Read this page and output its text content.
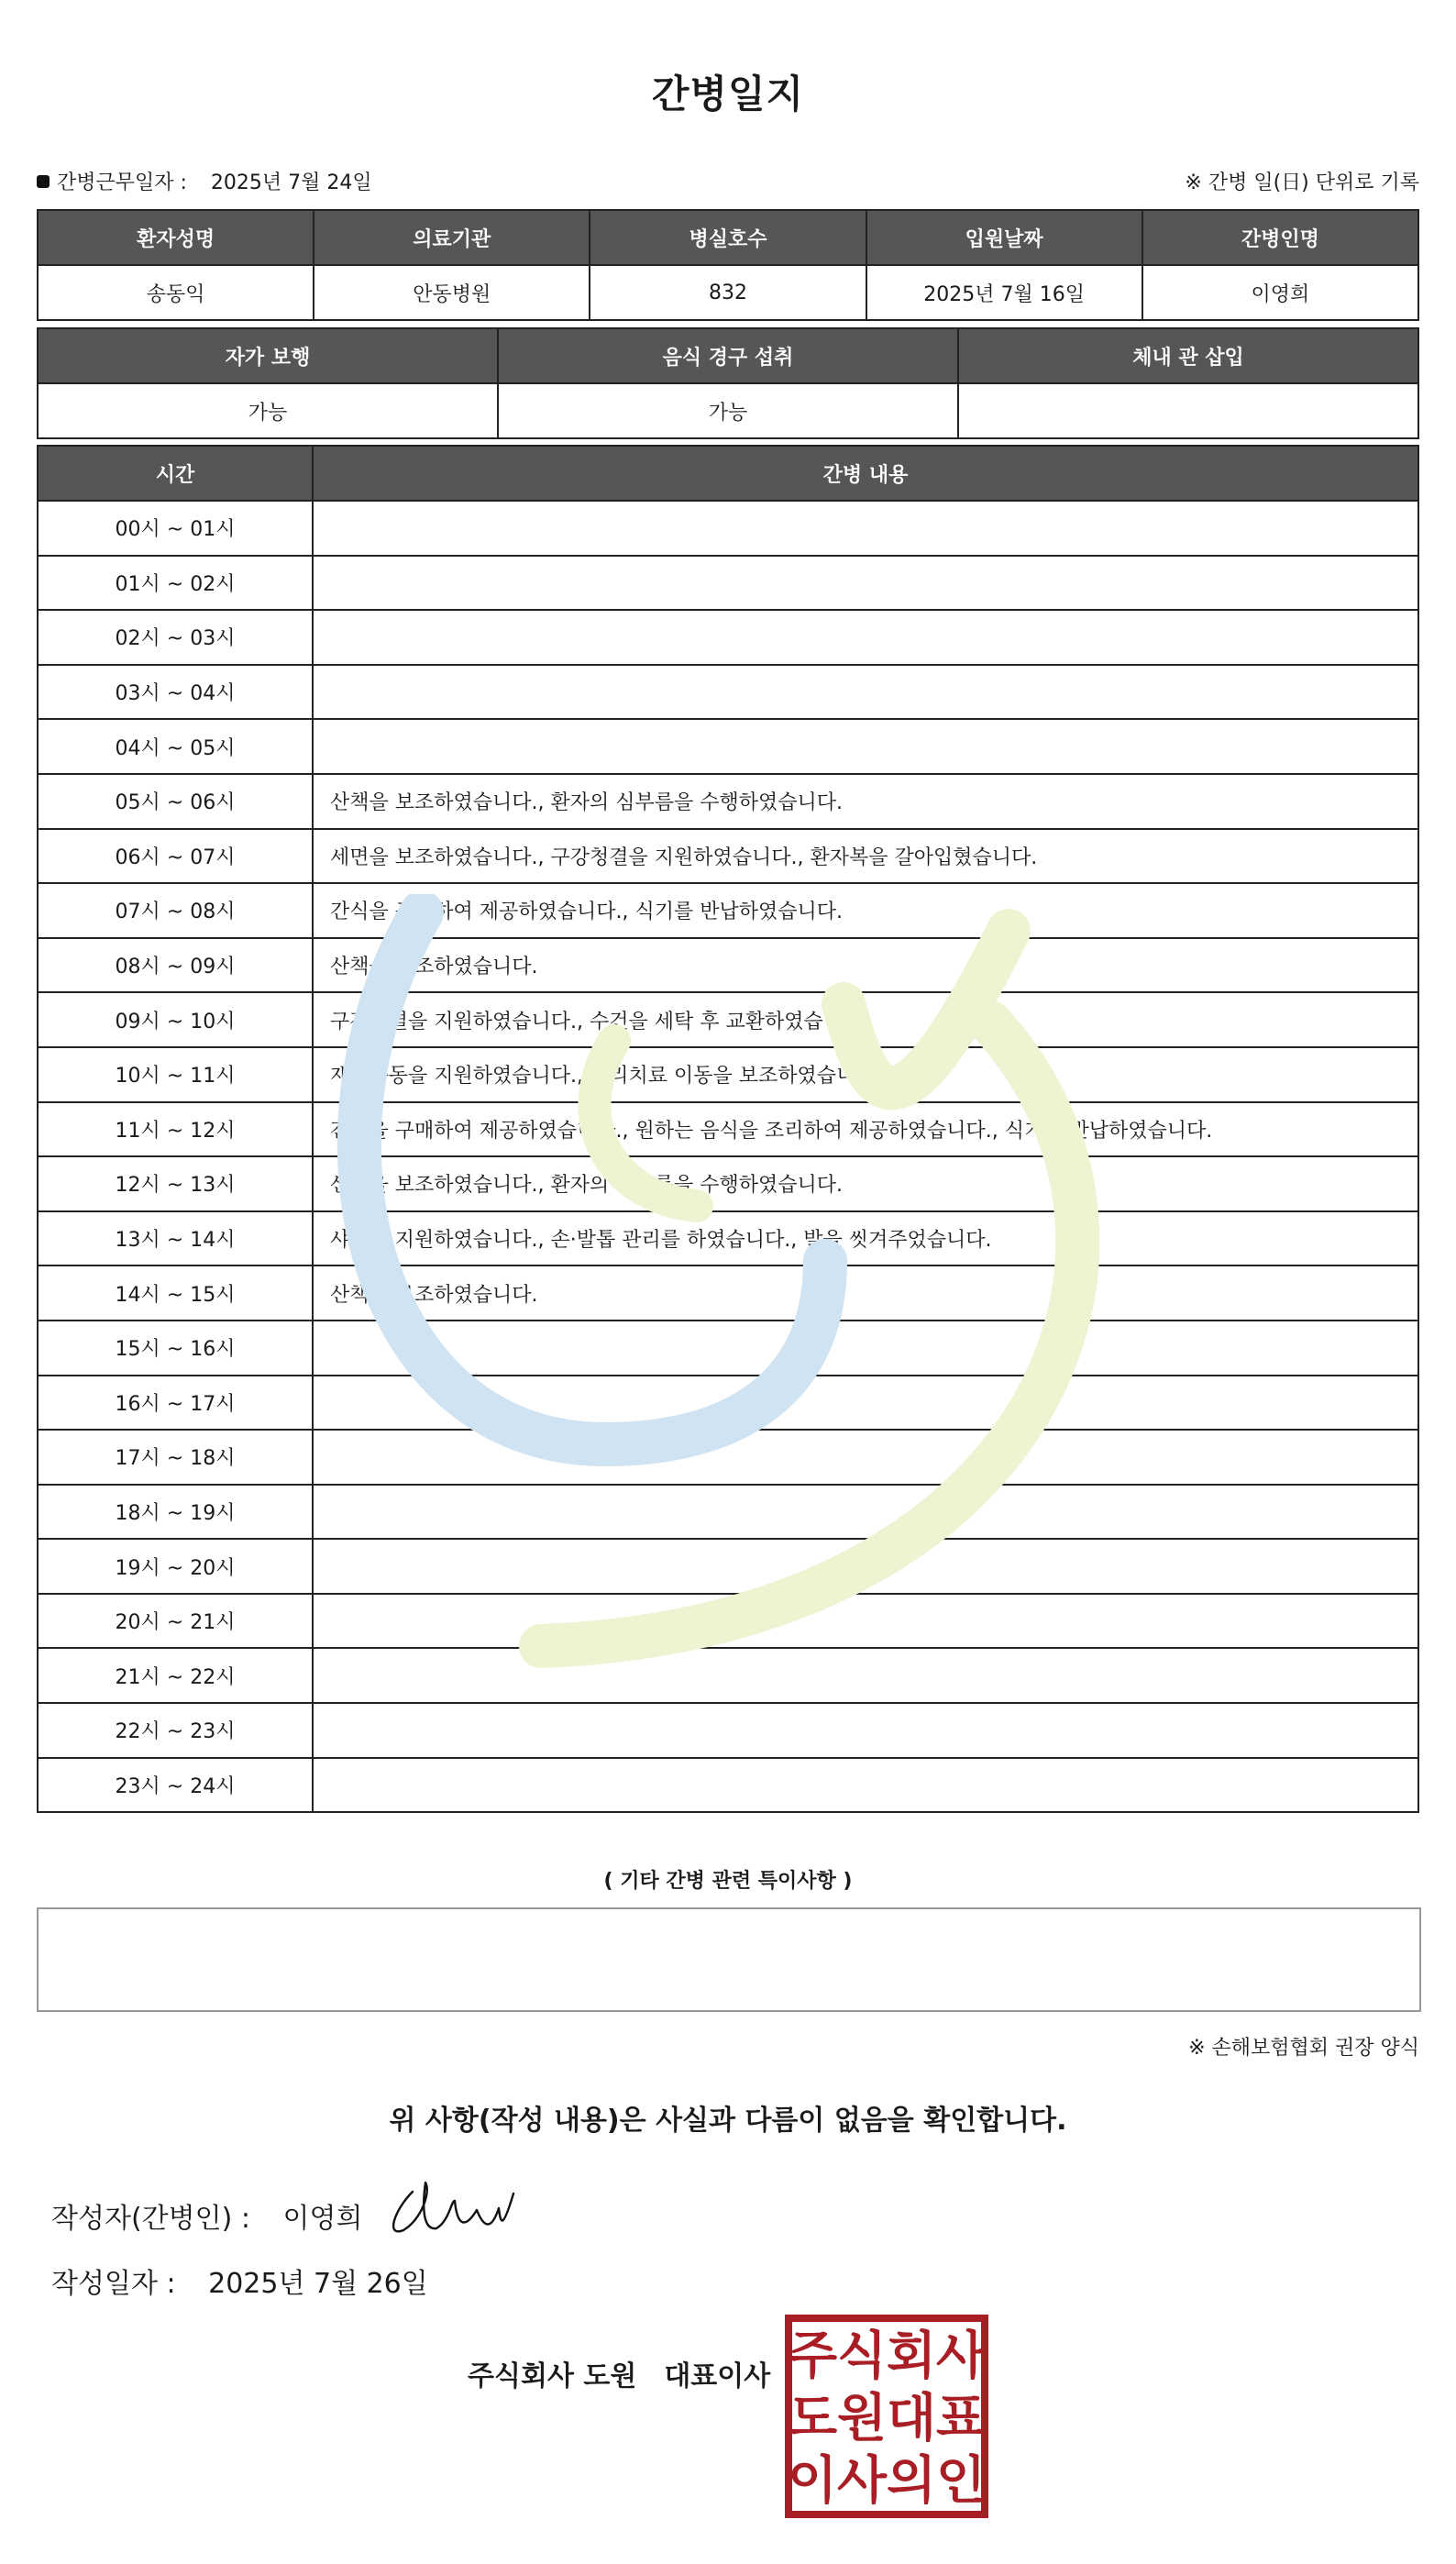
간병일지
간병근무일자 : 2025년 7월 24일	※ 간병 일(日) 단위로 기록
환자성명	의료기관	병실호수	입원날짜	간병인명
송동익	안동병원	832	2025년 7월 16일	이영희
자가 보행	음식 경구 섭취	체내 관 삽입
가능	가능	
시간	간병 내용
00시 ~ 01시	
01시 ~ 02시	
02시 ~ 03시	
03시 ~ 04시	
04시 ~ 05시	
05시 ~ 06시	산책을 보조하였습니다., 환자의 심부름을 수행하였습니다.
06시 ~ 07시	세면을 보조하였습니다., 구강청결을 지원하였습니다., 환자복을 갈아입혔습니다.
07시 ~ 08시	간식을 구매하여 제공하였습니다., 식기를 반납하였습니다.
08시 ~ 09시	산책을 보조하였습니다.
09시 ~ 10시	구강청결을 지원하였습니다., 수건을 세탁 후 교환하였습니다.
10시 ~ 11시	재활운동을 지원하였습니다., 물리치료 이동을 보조하였습니다.
11시 ~ 12시	간식을 구매하여 제공하였습니다., 원하는 음식을 조리하여 제공하였습니다., 식기를 반납하였습니다.
12시 ~ 13시	산책을 보조하였습니다., 환자의 심부름을 수행하였습니다.
13시 ~ 14시	샤워를 지원하였습니다., 손·발톱 관리를 하였습니다., 발을 씻겨주었습니다.
14시 ~ 15시	산책을 보조하였습니다.
15시 ~ 16시	
16시 ~ 17시	
17시 ~ 18시	
18시 ~ 19시	
19시 ~ 20시	
20시 ~ 21시	
21시 ~ 22시	
22시 ~ 23시	
23시 ~ 24시	
( 기타 간병 관련 특이사항 )
※ 손해보험협회 권장 양식
위 사항(작성 내용)은 사실과 다름이 없음을 확인합니다.
작성자(간병인) : 이영희
작성일자 : 2025년 7월 26일
주식회사 도원 대표이사 주 식 회 사
도 원 대 표
이 사 의 인
